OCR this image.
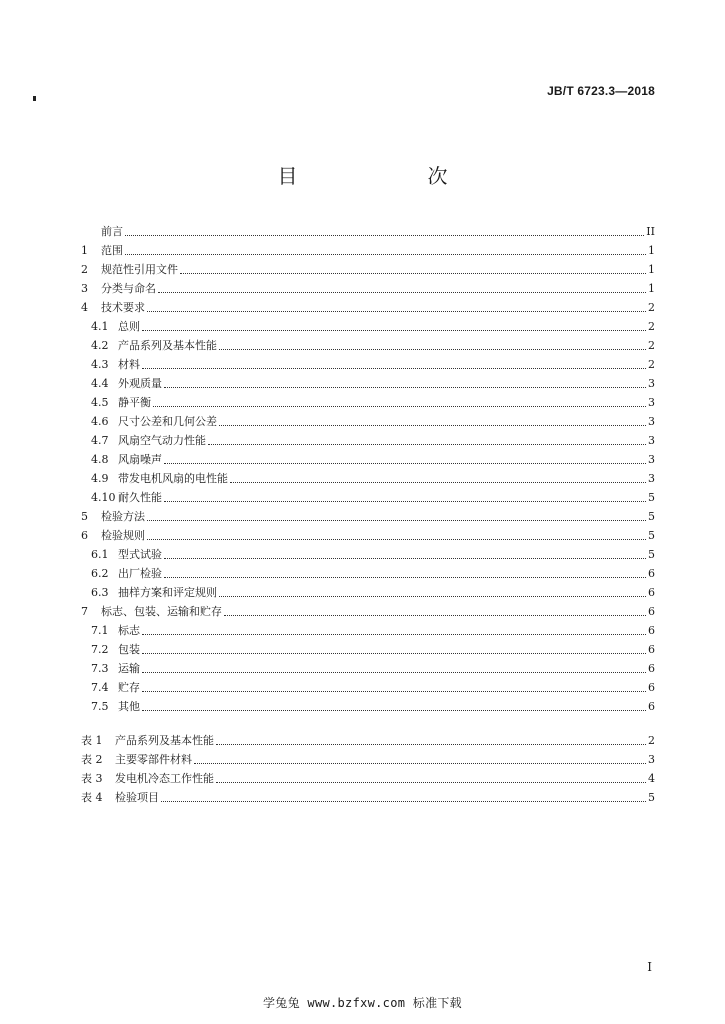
JB/T 6723.3—2018
目　　次
前言	II
1	范围	1
2	规范性引用文件	1
3	分类与命名	1
4	技术要求	2
4.1 总则	2
4.2 产品系列及基本性能	2
4.3 材料	2
4.4 外观质量	3
4.5 静平衡	3
4.6 尺寸公差和几何公差	3
4.7 风扇空气动力性能	3
4.8 风扇噪声	3
4.9 带发电机风扇的电性能	3
4.10 耐久性能	5
5	检验方法	5
6	检验规则	5
6.1 型式试验	5
6.2 出厂检验	6
6.3 抽样方案和评定规则	6
7	标志、包装、运输和贮存	6
7.1 标志	6
7.2 包装	6
7.3 运输	6
7.4 贮存	6
7.5 其他	6
表 1	产品系列及基本性能	2
表 2	主要零部件材料	3
表 3	发电机冷态工作性能	4
表 4	检验项目	5
I
学兔兔 www.bzfxw.com 标准下载
